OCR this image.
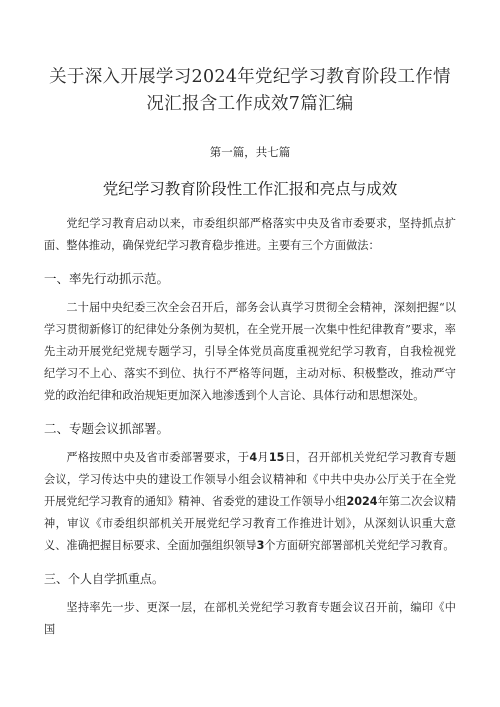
关于深入开展学习2024年党纪学习教育阶段工作情况汇报含工作成效7篇汇编
第一篇，共七篇
党纪学习教育阶段性工作汇报和亮点与成效

党纪学习教育启动以来，市委组织部严格落实中央及省市委要求，坚持抓点扩面、整体推动，确保党纪学习教育稳步推进。主要有三个方面做法：

一、率先行动抓示范。

二十届中央纪委三次全会召开后，部务会认真学习贯彻全会精神，深刻把握“以学习贯彻新修订的纪律处分条例为契机，在全党开展一次集中性纪律教育”要求，率先主动开展党纪党规专题学习，引导全体党员高度重视党纪学习教育，自我检视党纪学习不上心、落实不到位、执行不严格等问题，主动对标、积极整改，推动严守党的政治纪律和政治规矩更加深入地渗透到个人言论、具体行动和思想深处。

二、专题会议抓部署。

严格按照中央及省市委部署要求，于4月15日，召开部机关党纪学习教育专题会议，学习传达中央的建设工作领导小组会议精神和《中共中央办公厅关于在全党开展党纪学习教育的通知》精神、省委党的建设工作领导小组2024年第二次会议精神，审议《市委组织部机关开展党纪学习教育工作推进计划》，从深刻认识重大意义、准确把握目标要求、全面加强组织领导3个方面研究部署部机关党纪学习教育。

三、个人自学抓重点。

坚持率先一步、更深一层，在部机关党纪学习教育专题会议召开前，编印《中国
